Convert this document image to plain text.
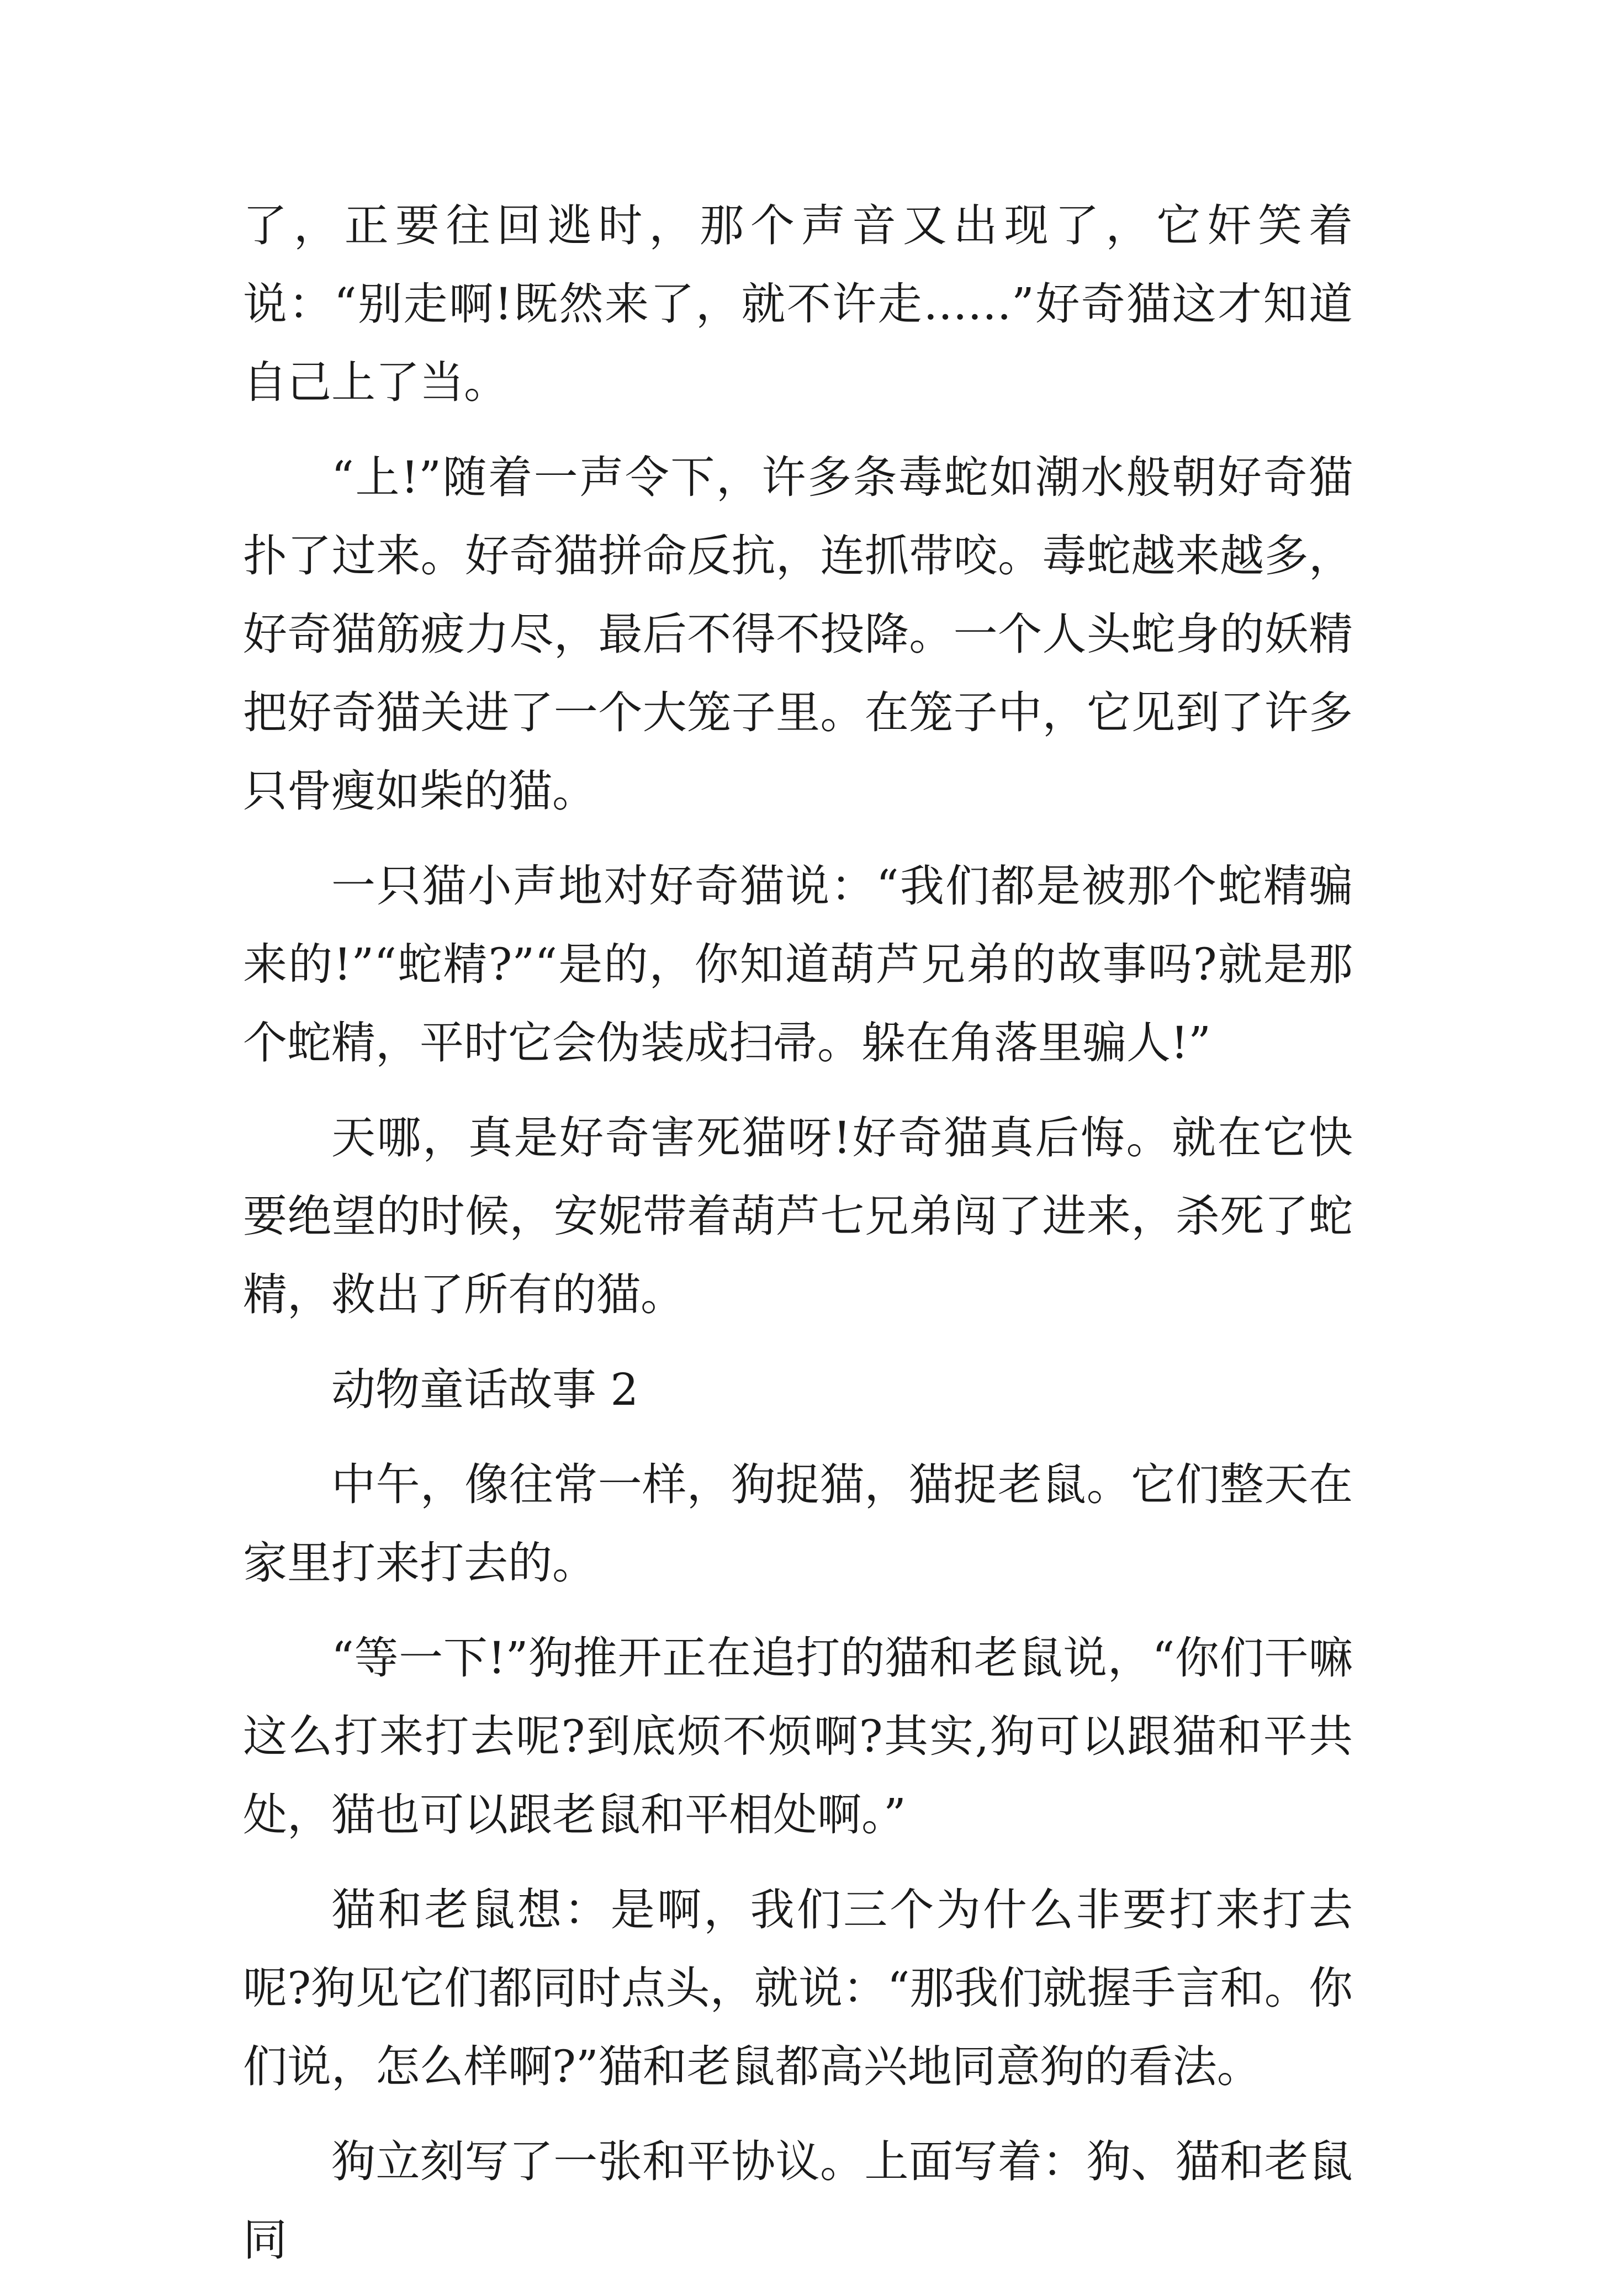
了，正要往回逃时，那个声音又出现了，它奸笑着说：“别走啊!既然来了，就不许走……”好奇猫这才知道自己上了当。

“上!”随着一声令下，许多条毒蛇如潮水般朝好奇猫扑了过来。好奇猫拼命反抗，连抓带咬。毒蛇越来越多，好奇猫筋疲力尽，最后不得不投降。一个人头蛇身的妖精把好奇猫关进了一个大笼子里。在笼子中，它见到了许多只骨瘦如柴的猫。

一只猫小声地对好奇猫说：“我们都是被那个蛇精骗来的!”“蛇精?”“是的，你知道葫芦兄弟的故事吗?就是那个蛇精，平时它会伪装成扫帚。躲在角落里骗人!”

天哪，真是好奇害死猫呀!好奇猫真后悔。就在它快要绝望的时候，安妮带着葫芦七兄弟闯了进来，杀死了蛇精，救出了所有的猫。

动物童话故事 2

中午，像往常一样，狗捉猫，猫捉老鼠。它们整天在家里打来打去的。

“等一下!”狗推开正在追打的猫和老鼠说，“你们干嘛这么打来打去呢?到底烦不烦啊?其实,狗可以跟猫和平共处，猫也可以跟老鼠和平相处啊。”

猫和老鼠想：是啊，我们三个为什么非要打来打去呢?狗见它们都同时点头，就说：“那我们就握手言和。你们说，怎么样啊?”猫和老鼠都高兴地同意狗的看法。

狗立刻写了一张和平协议。上面写着：狗、猫和老鼠同
